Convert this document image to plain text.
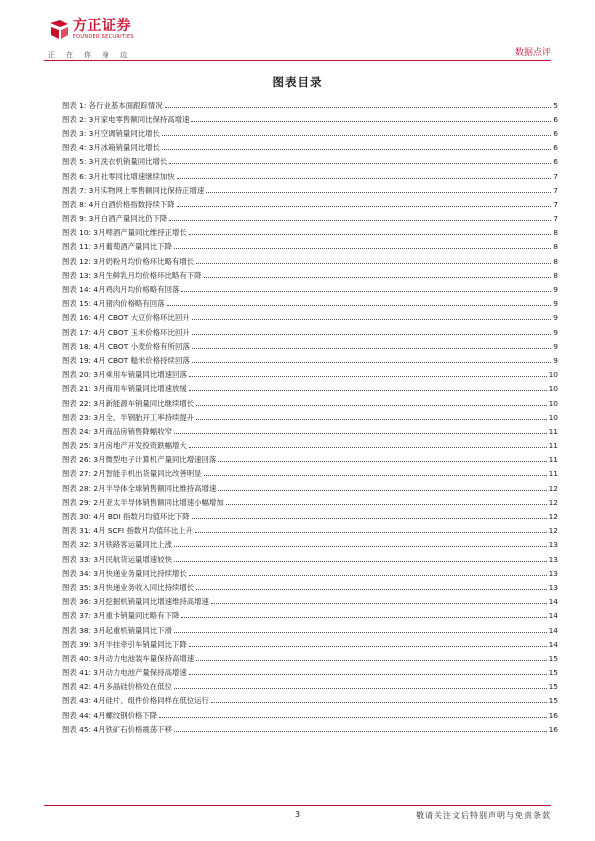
方正证券
FOUNDER SECURITIES
正在你身边	数据点评
图表目录
图表 1: 各行业基本面跟踪情况	5
图表 2: 3月家电零售额同比保持高增速	6
图表 3: 3月空调销量同比增长	6
图表 4: 3月冰箱销量同比增长	6
图表 5: 3月洗衣机销量同比增长	6
图表 6: 3月社零同比增速继续加快	7
图表 7: 3月实物网上零售额同比保持正增速	7
图表 8: 4月白酒价格指数持续下降	7
图表 9: 3月白酒产量同比仍下降	7
图表 10: 3月啤酒产量同比维持正增长	8
图表 11: 3月葡萄酒产量同比下降	8
图表 12: 3月奶粉月均价格环比略有增长	8
图表 13: 3月生鲜乳月均价格环比略有下降	8
图表 14: 4月鸡肉月均价格略有回落	9
图表 15: 4月猪肉价格略有回落	9
图表 16: 4月 CBOT 大豆价格环比回升	9
图表 17: 4月 CBOT 玉米价格环比回升	9
图表 18: 4月 CBOT 小麦价格有所回落	9
图表 19: 4月 CBOT 糙米价格持续回落	9
图表 20: 3月乘用车销量同比增速回落	10
图表 21: 3月商用车销量同比增速放缓	10
图表 22: 3月新能源车销量同比继续增长	10
图表 23: 3月全、半钢胎开工率持续提升	10
图表 24: 3月商品房销售降幅收窄	11
图表 25: 3月房地产开发投资跌幅增大	11
图表 26: 3月微型电子计算机产量同比增速回落	11
图表 27: 2月智能手机出货量同比改善明显	11
图表 28: 2月半导体全球销售额同比维持高增速	12
图表 29: 2月亚太半导体销售额同比增速小幅增加	12
图表 30: 4月 BDI 指数月均值环比下降	12
图表 31: 4月 SCFI 指数月均值环比上升	12
图表 32: 3月铁路客运量同比上涨	13
图表 33: 3月民航货运量增速较快	13
图表 34: 3月快递业务量同比持续增长	13
图表 35: 3月快递业务收入同比持续增长	13
图表 36: 3月挖掘机销量同比增速维持高增速	14
图表 37: 3月重卡销量同比略有下降	14
图表 38: 3月起重机销量同比下滑	14
图表 39: 3月半挂牵引车销量同比下降	14
图表 40: 3月动力电池装车量保持高增速	15
图表 41: 3月动力电池产量保持高增速	15
图表 42: 4月多晶硅价格处在低位	15
图表 43: 4月硅片、组件价格同样在低位运行	15
图表 44: 4月螺纹钢价格下降	16
图表 45: 4月铁矿石价格震荡下移	16
3	敬请关注文后特别声明与免责条款
